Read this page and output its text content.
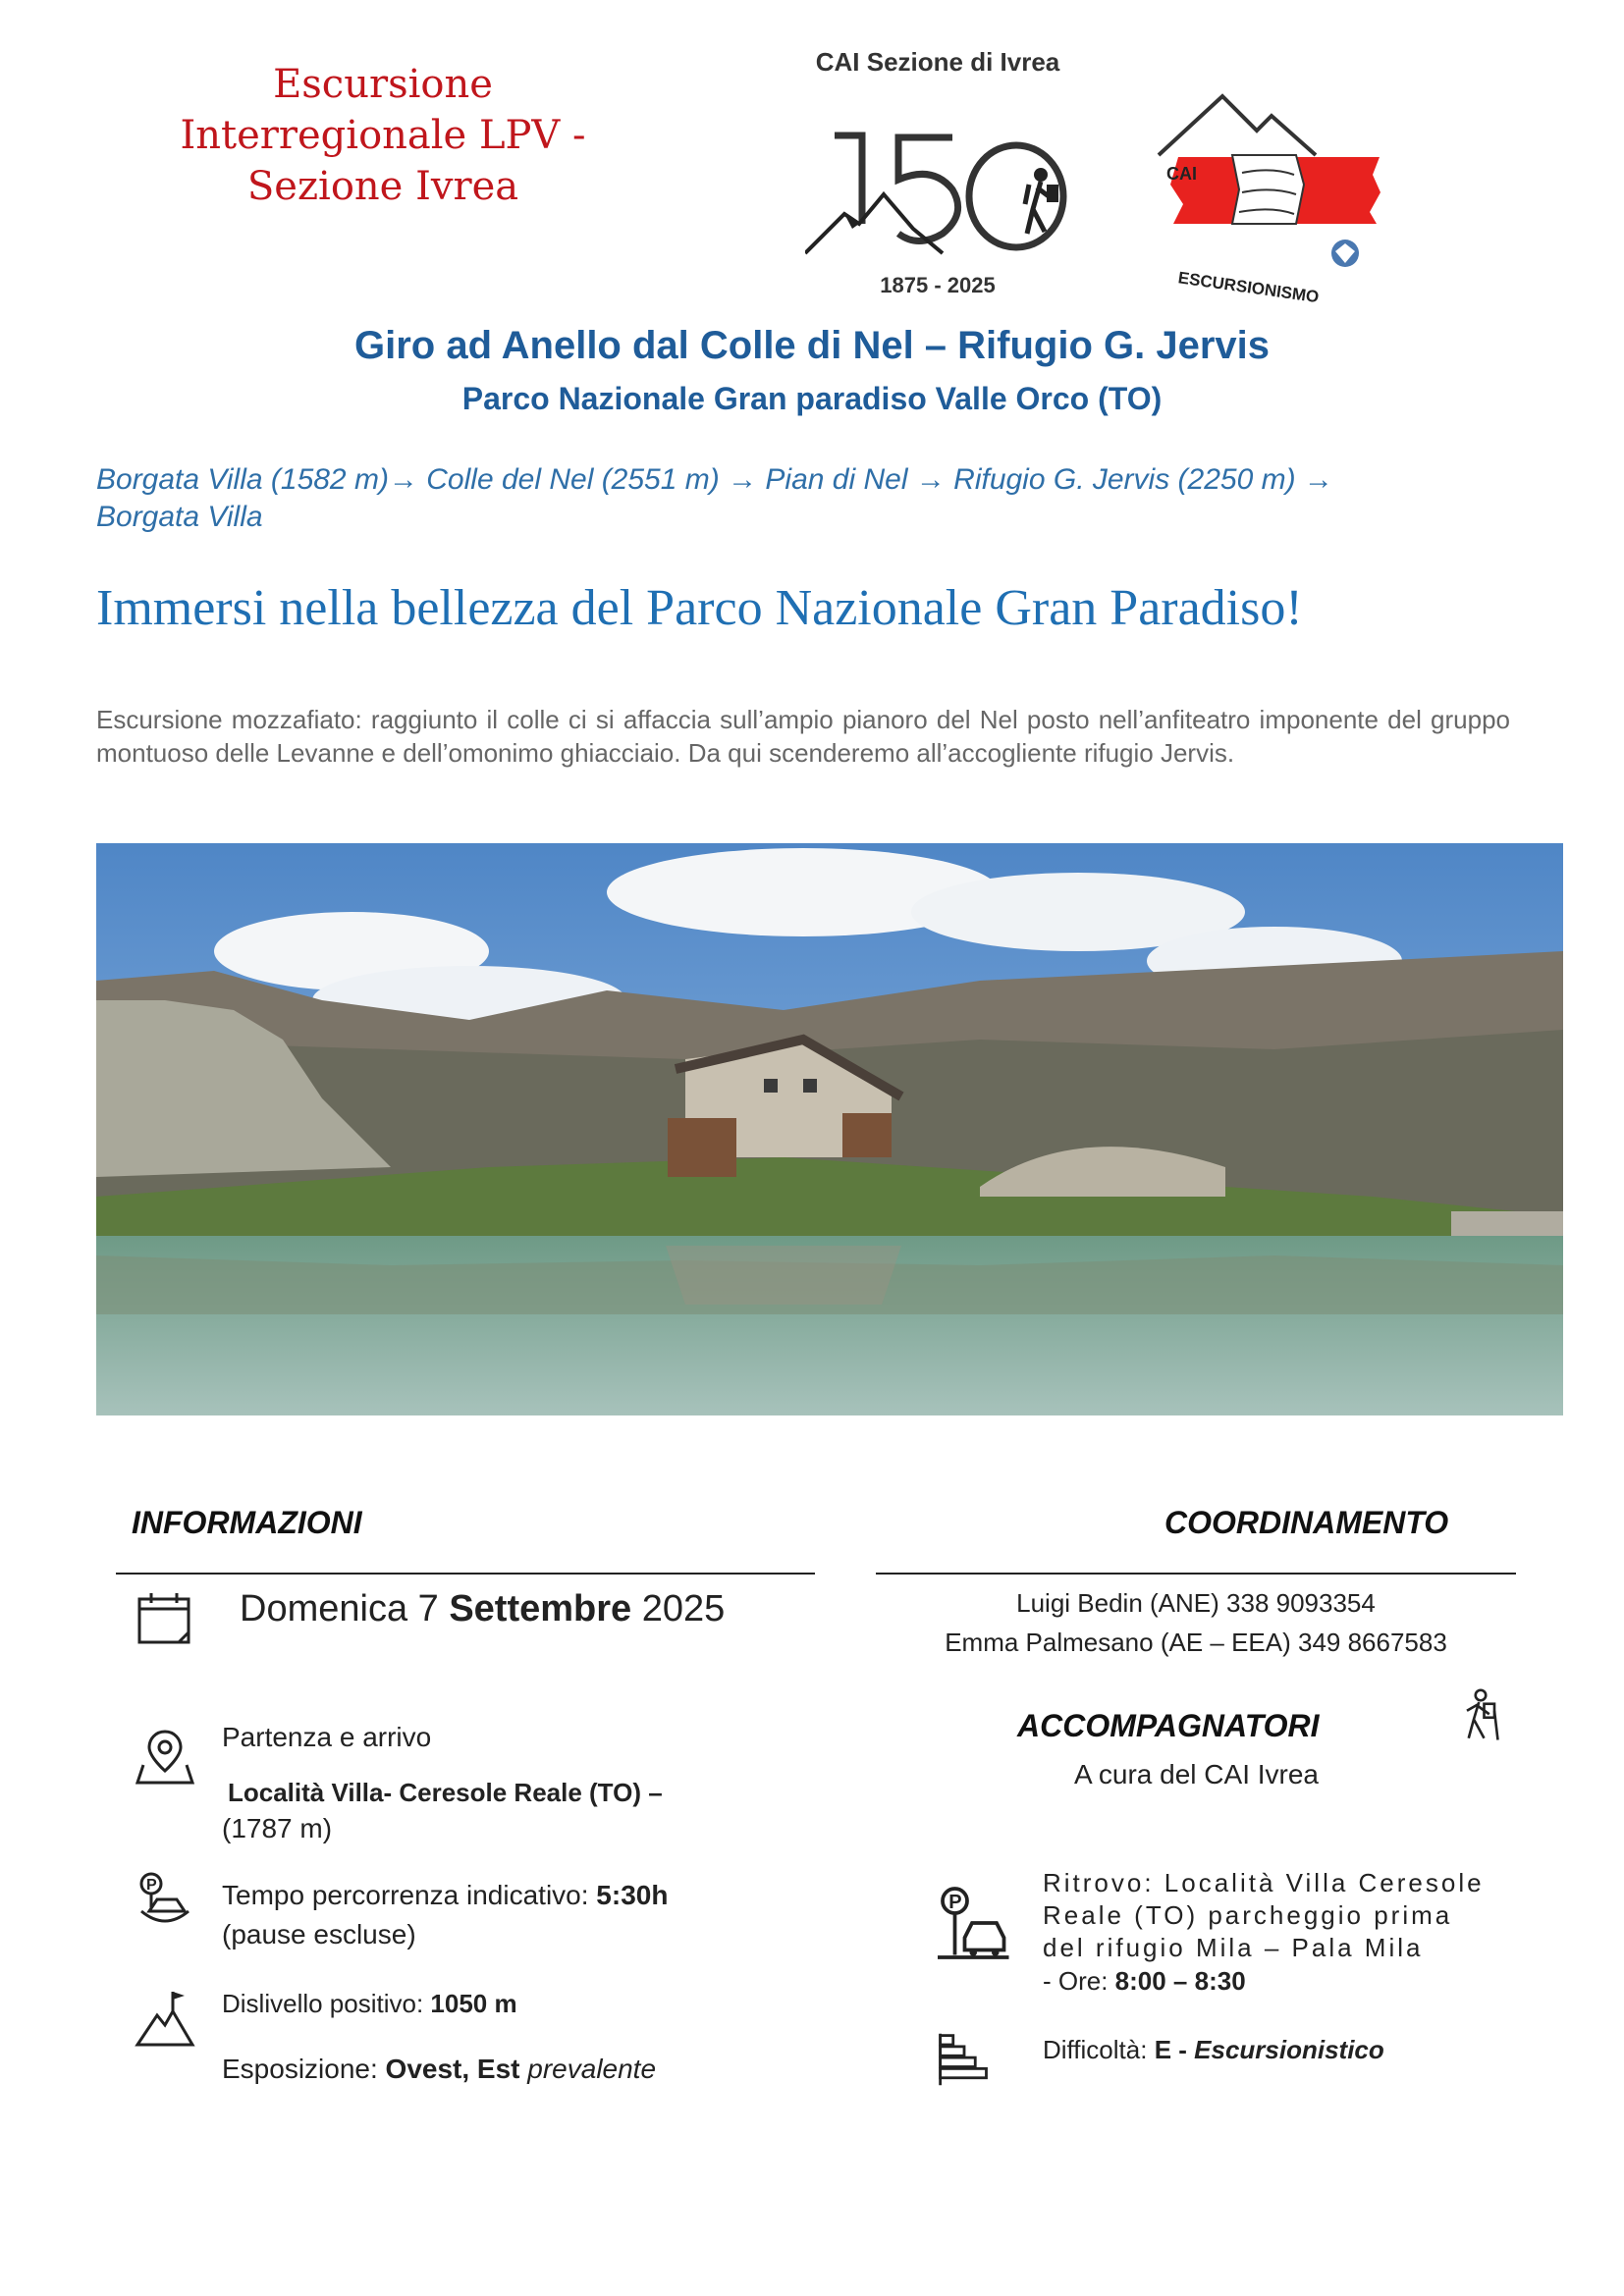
Escursione
Interregionale LPV -
Sezione Ivrea
CAI Sezione di Ivrea
1875 - 2025
CAI
ESCURSIONISMO
Giro ad Anello dal Colle di Nel – Rifugio G. Jervis
Parco Nazionale Gran paradiso Valle Orco (TO)
Borgata Villa (1582 m)→ Colle del Nel (2551 m) → Pian di Nel → Rifugio G. Jervis (2250 m) →
Borgata Villa
Immersi nella bellezza del Parco Nazionale Gran Paradiso!
Escursione mozzafiato: raggiunto il colle ci si affaccia sull’ampio pianoro del Nel posto nell’anfiteatro imponente del gruppo montuoso delle Levanne e dell’omonimo ghiacciaio. Da qui scenderemo all’accogliente rifugio Jervis.
INFORMAZIONI
Domenica 7 Settembre 2025
Partenza e arrivo
Località Villa- Ceresole Reale (TO) –
(1787 m)
P Tempo percorrenza indicativo: 5:30h
(pause escluse)
Dislivello positivo: 1050 m
Esposizione: Ovest, Est prevalente
COORDINAMENTO
Luigi Bedin (ANE) 338 9093354
Emma Palmesano (AE – EEA) 349 8667583
ACCOMPAGNATORI
A cura del CAI Ivrea
P
Ritrovo: Località Villa Ceresole
Reale (TO) parcheggio prima
del rifugio Mila – Pala Mila
- Ore: 8:00 – 8:30
Difficoltà: E - Escursionistico
